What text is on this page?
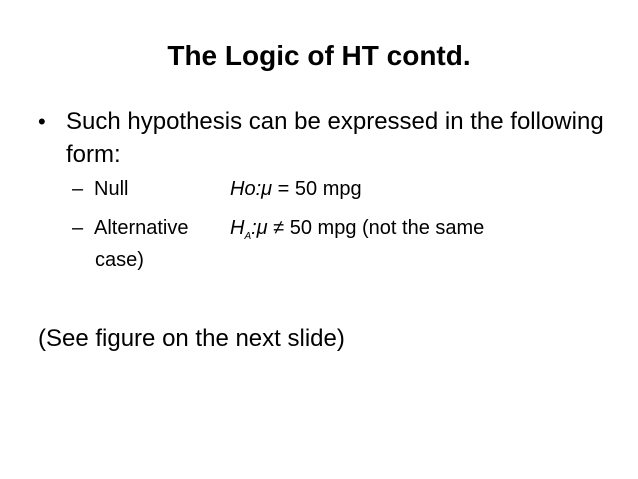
The Logic of HT contd.
• Such hypothesis can be expressed in the following form:
– Null	Ho:μ = 50 mpg
– Alternative $H_A:\mu \ne 50$ mpg (not the same
case)
(See figure on the next slide)
